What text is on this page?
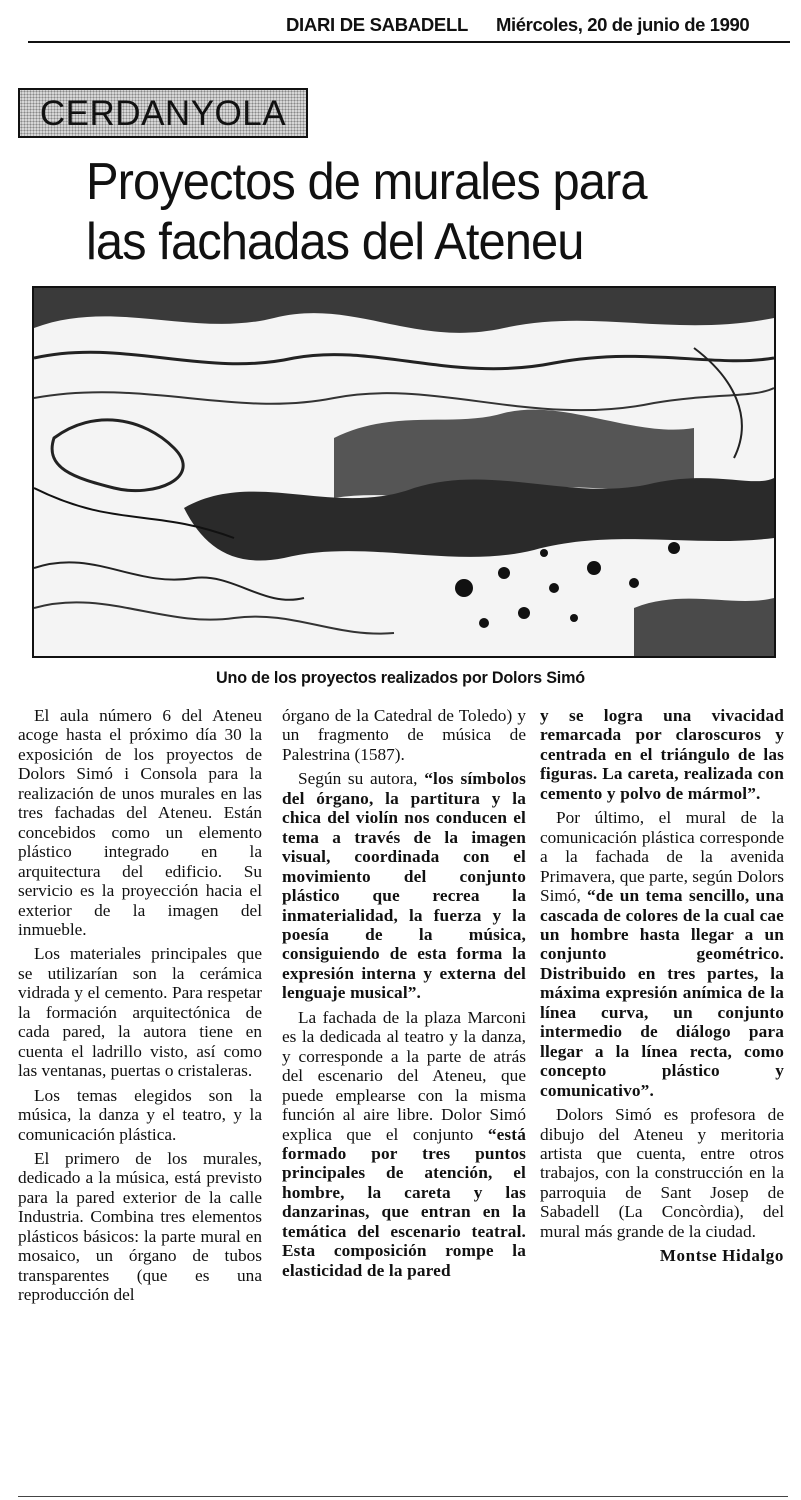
DIARI DE SABADELL Miércoles, 20 de junio de 1990
CERDANYOLA
Proyectos de murales para
las fachadas del Ateneu
Uno de los proyectos realizados por Dolors Simó

El aula número 6 del Ateneu acoge hasta el próximo día 30 la exposición de los proyectos de Dolors Simó i Consola para la realización de unos murales en las tres fachadas del Ateneu. Están concebidos como un elemento plástico integrado en la arquitectura del edificio. Su servicio es la proyección hacia el exterior de la imagen del inmueble.

Los materiales principales que se utilizarían son la cerámica vidrada y el cemento. Para respetar la formación arquitectónica de cada pared, la autora tiene en cuenta el ladrillo visto, así como las ventanas, puertas o cristaleras.

Los temas elegidos son la música, la danza y el teatro, y la comunicación plástica.

El primero de los murales, dedicado a la música, está previsto para la pared exterior de la calle Industria. Combina tres elementos plásticos básicos: la parte mural en mosaico, un órgano de tubos transparentes (que es una reproducción del

órgano de la Catedral de Toledo) y un fragmento de música de Palestrina (1587).

Según su autora, “los símbolos del órgano, la partitura y la chica del violín nos conducen el tema a través de la imagen visual, coordinada con el movimiento del conjunto plástico que recrea la inmaterialidad, la fuerza y la poesía de la música, consiguiendo de esta forma la expresión interna y externa del lenguaje musical”.

La fachada de la plaza Marconi es la dedicada al teatro y la danza, y corresponde a la parte de atrás del escenario del Ateneu, que puede emplearse con la misma función al aire libre. Dolor Simó explica que el conjunto “está formado por tres puntos principales de atención, el hombre, la careta y las danzarinas, que entran en la temática del escenario teatral. Esta composición rompe la elasticidad de la pared

y se logra una vivacidad remarcada por claroscuros y centrada en el triángulo de las figuras. La careta, realizada con cemento y polvo de mármol”.

Por último, el mural de la comunicación plástica corresponde a la fachada de la avenida Primavera, que parte, según Dolors Simó, “de un tema sencillo, una cascada de colores de la cual cae un hombre hasta llegar a un conjunto geométrico. Distribuido en tres partes, la máxima expresión anímica de la línea curva, un conjunto intermedio de diálogo para llegar a la línea recta, como concepto plástico y comunicativo”.

Dolors Simó es profesora de dibujo del Ateneu y meritoria artista que cuenta, entre otros trabajos, con la construcción en la parroquia de Sant Josep de Sabadell (La Concòrdia), del mural más grande de la ciudad.

Montse Hidalgo
